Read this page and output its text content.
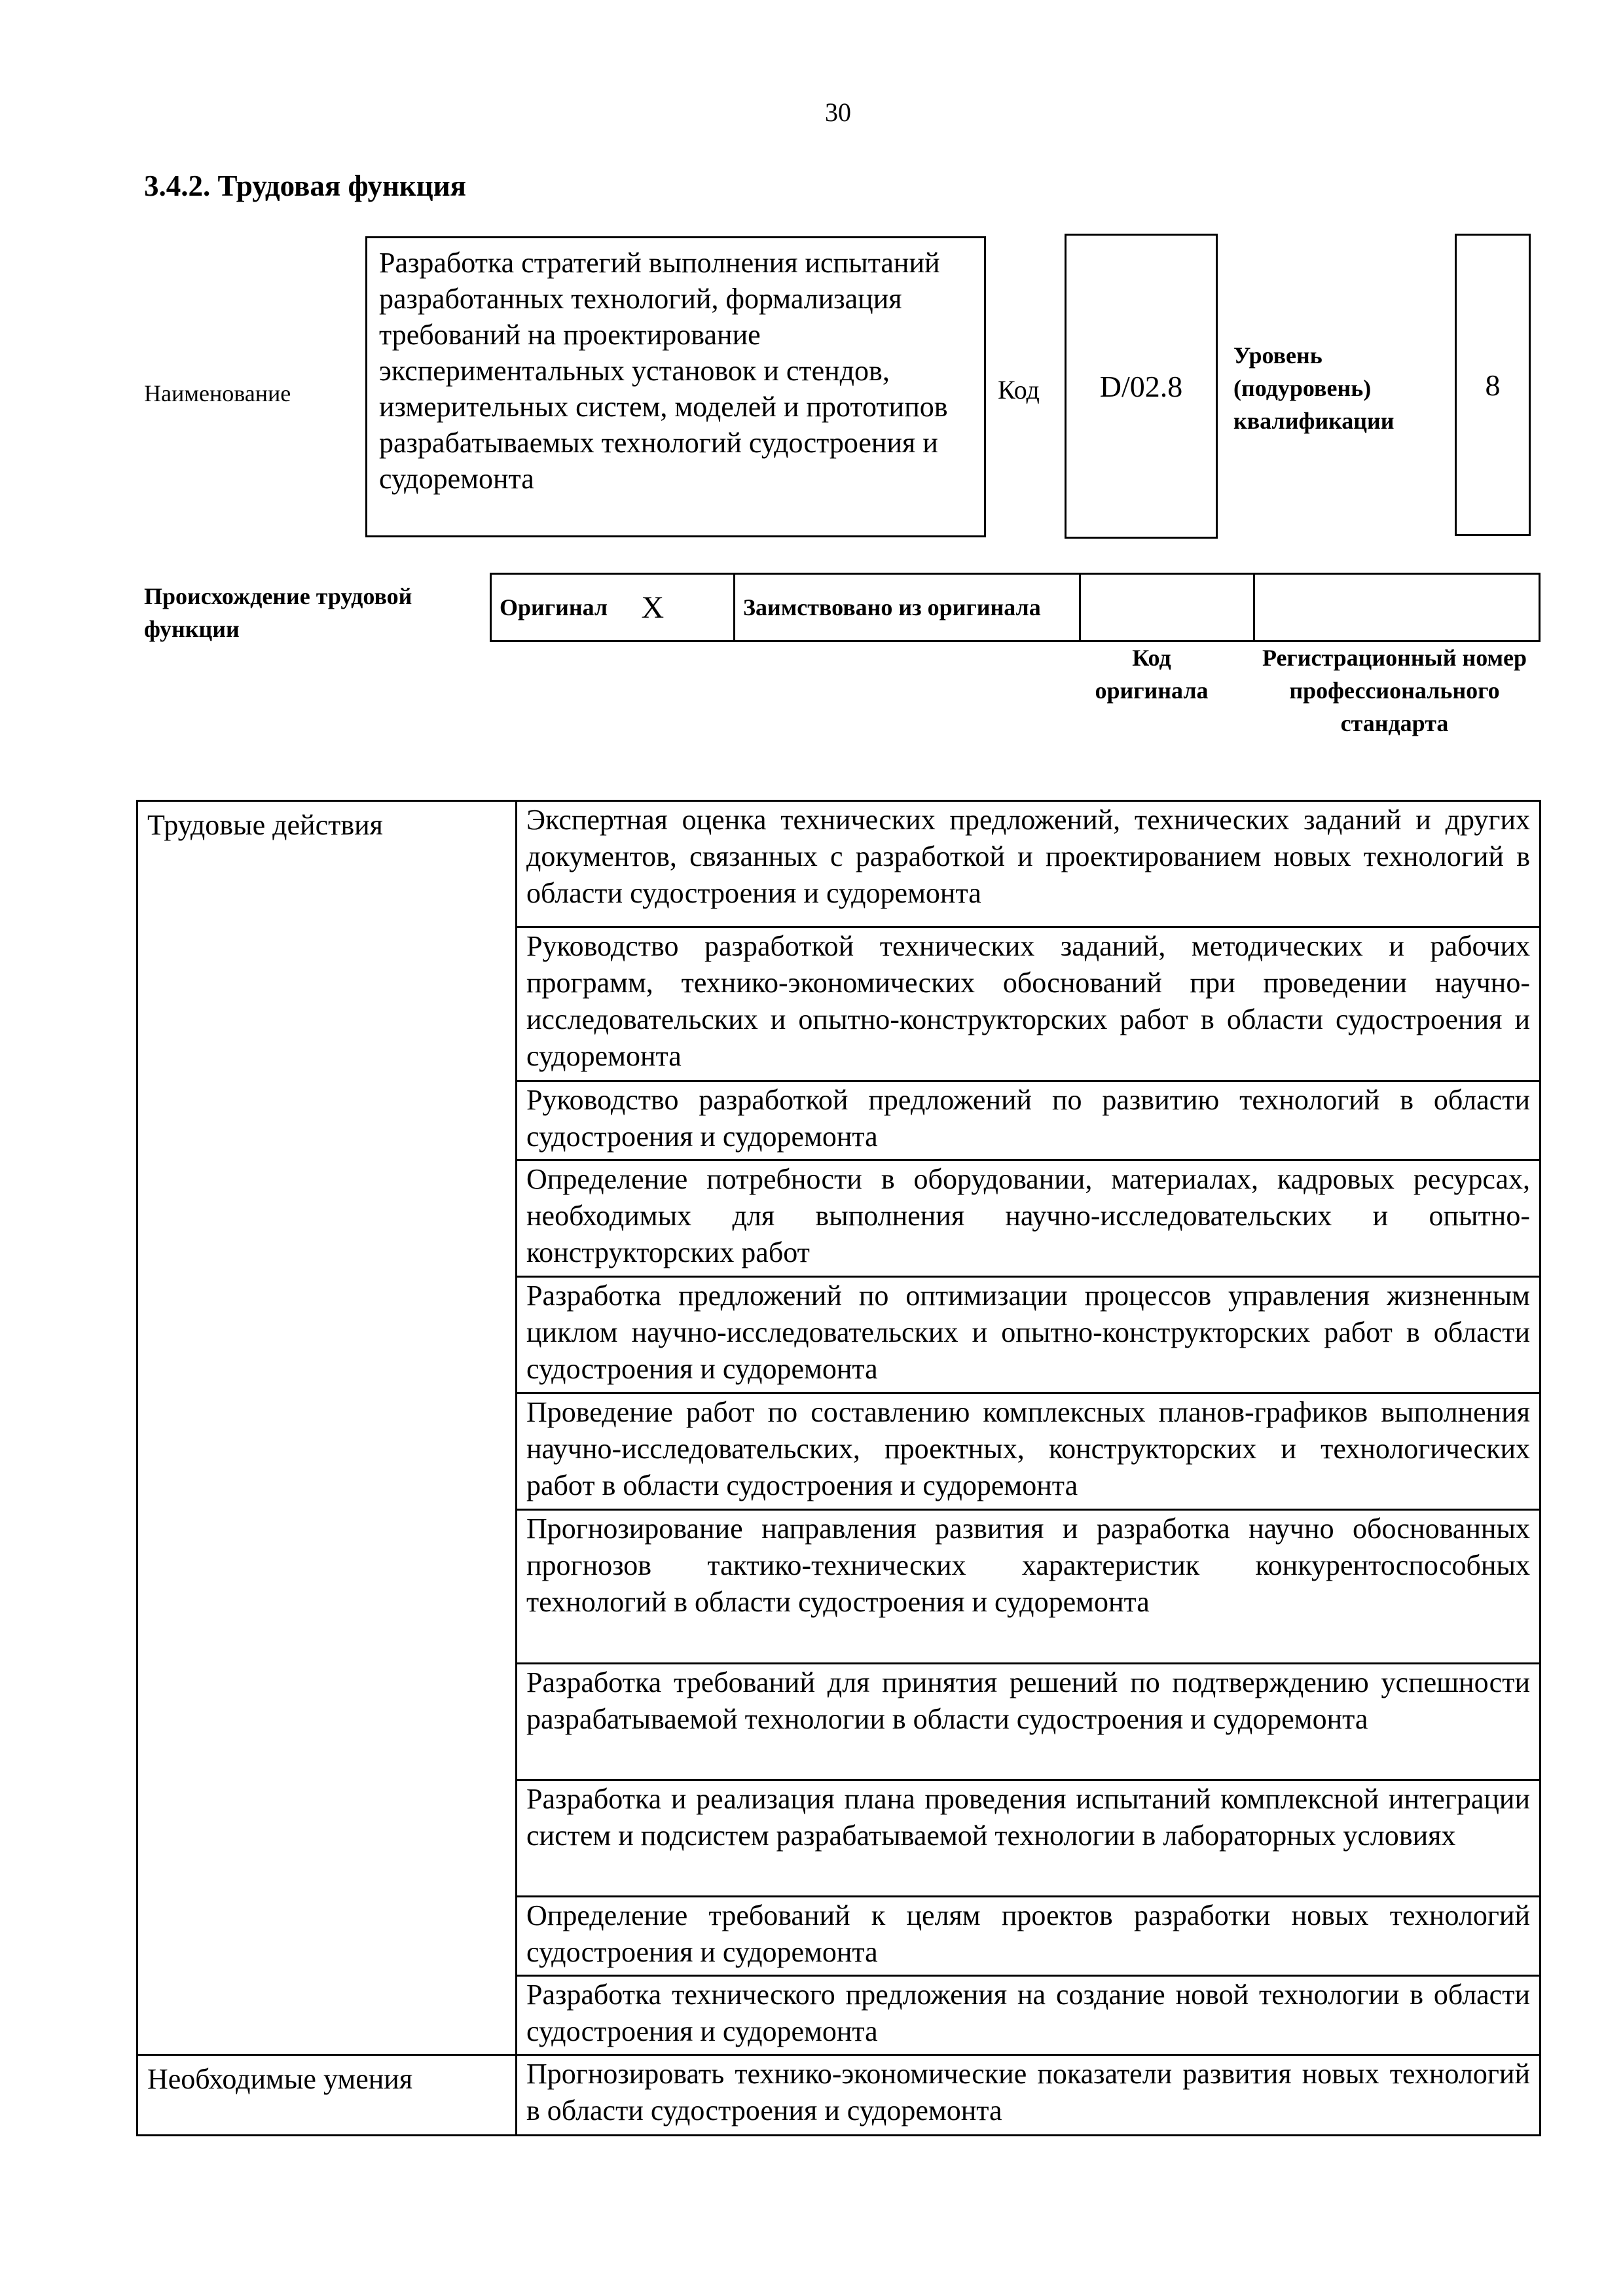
30
3.4.2. Трудовая функция
Наименование
Разработка стратегий выполнения испытаний разработанных технологий, формализация требований на проектирование экспериментальных установок и стендов, измерительных систем, моделей и прототипов разрабатываемых технологий судостроения и судоремонта
Код D/02.8
Уровень (подуровень) квалификации
8
Происхождение трудовой функции
Оригинал	X	Заимствовано из оригинала		
Код оригинала
Регистрационный номер профессионального стандарта
Трудовые действия	Экспертная оценка технических предложений, технических заданий и других документов, связанных с разработкой и проектированием новых технологий в области судостроения и судоремонта
	Руководство разработкой технических заданий, методических и рабочих программ, технико-экономических обоснований при проведении научно-исследовательских и опытно-конструкторских работ в области судостроения и судоремонта
	Руководство разработкой предложений по развитию технологий в области судостроения и судоремонта
	Определение потребности в оборудовании, материалах, кадровых ресурсах, необходимых для выполнения научно-исследовательских и опытно-конструкторских работ
	Разработка предложений по оптимизации процессов управления жизненным циклом научно-исследовательских и опытно-конструкторских работ в области судостроения и судоремонта
	Проведение работ по составлению комплексных планов-графиков выполнения научно-исследовательских, проектных, конструкторских и технологических работ в области судостроения и судоремонта
	Прогнозирование направления развития и разработка научно обоснованных прогнозов тактико-технических характеристик конкурентоспособных технологий в области судостроения и судоремонта
	Разработка требований для принятия решений по подтверждению успешности разрабатываемой технологии в области судостроения и судоремонта
	Разработка и реализация плана проведения испытаний комплексной интеграции систем и подсистем разрабатываемой технологии в лабораторных условиях
	Определение требований к целям проектов разработки новых технологий судостроения и судоремонта
	Разработка технического предложения на создание новой технологии в области судостроения и судоремонта
Необходимые умения	Прогнозировать технико-экономические показатели развития новых технологий в области судостроения и судоремонта
